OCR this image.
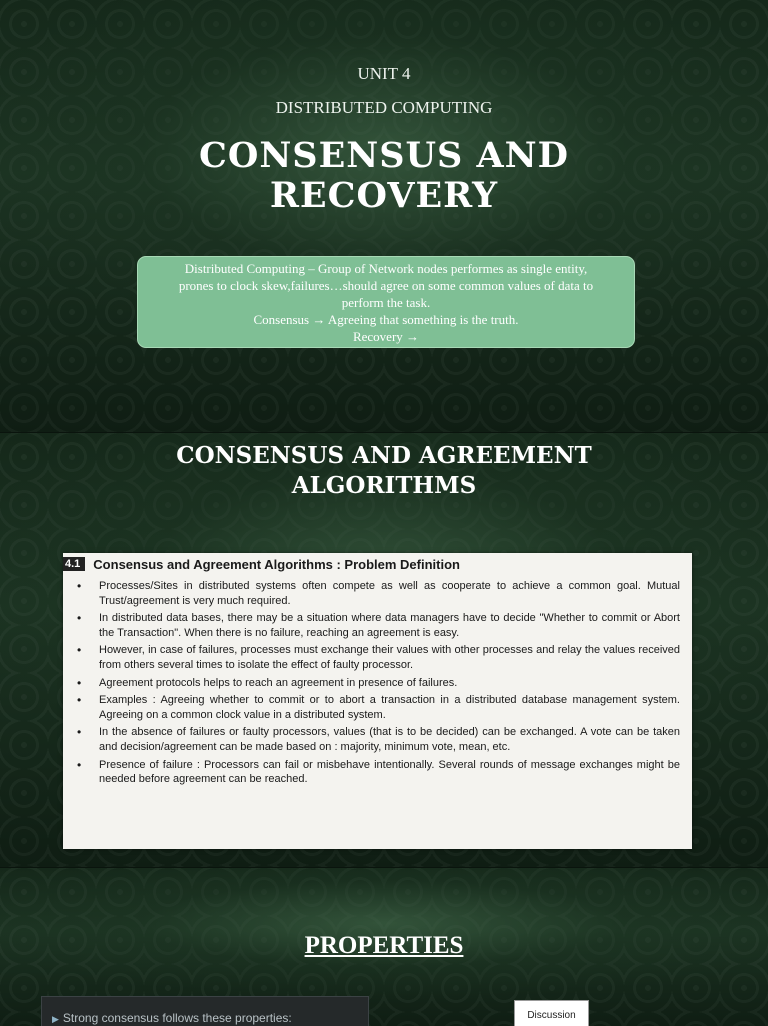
UNIT 4
DISTRIBUTED COMPUTING
CONSENSUS AND
RECOVERY
Distributed Computing – Group of Network nodes performes as single entity,
prones to clock skew,failures…should agree on some common values of data to
perform the task.
Consensus → Agreeing that something is the truth.
Recovery →
CONSENSUS AND AGREEMENT
ALGORITHMS
4.1	Consensus and Agreement Algorithms : Problem Definition
• Processes/Sites in distributed systems often compete as well as cooperate to achieve a common goal. Mutual Trust/agreement is very much required.
• In distributed data bases, there may be a situation where data managers have to decide "Whether to commit or Abort the Transaction". When there is no failure, reaching an agreement is easy.
• However, in case of failures, processes must exchange their values with other processes and relay the values received from others several times to isolate the effect of faulty processor.
• Agreement protocols helps to reach an agreement in presence of failures.
• Examples : Agreeing whether to commit or to abort a transaction in a distributed database management system. Agreeing on a common clock value in a distributed system.
• In the absence of failures or faulty processors, values (that is to be decided) can be exchanged. A vote can be taken and decision/agreement can be made based on : majority, minimum vote, mean, etc.
• Presence of failure : Processors can fail or misbehave intentionally. Several rounds of message exchanges might be needed before agreement can be reached.
PROPERTIES
▶ Strong consensus follows these properties:	Discussion
